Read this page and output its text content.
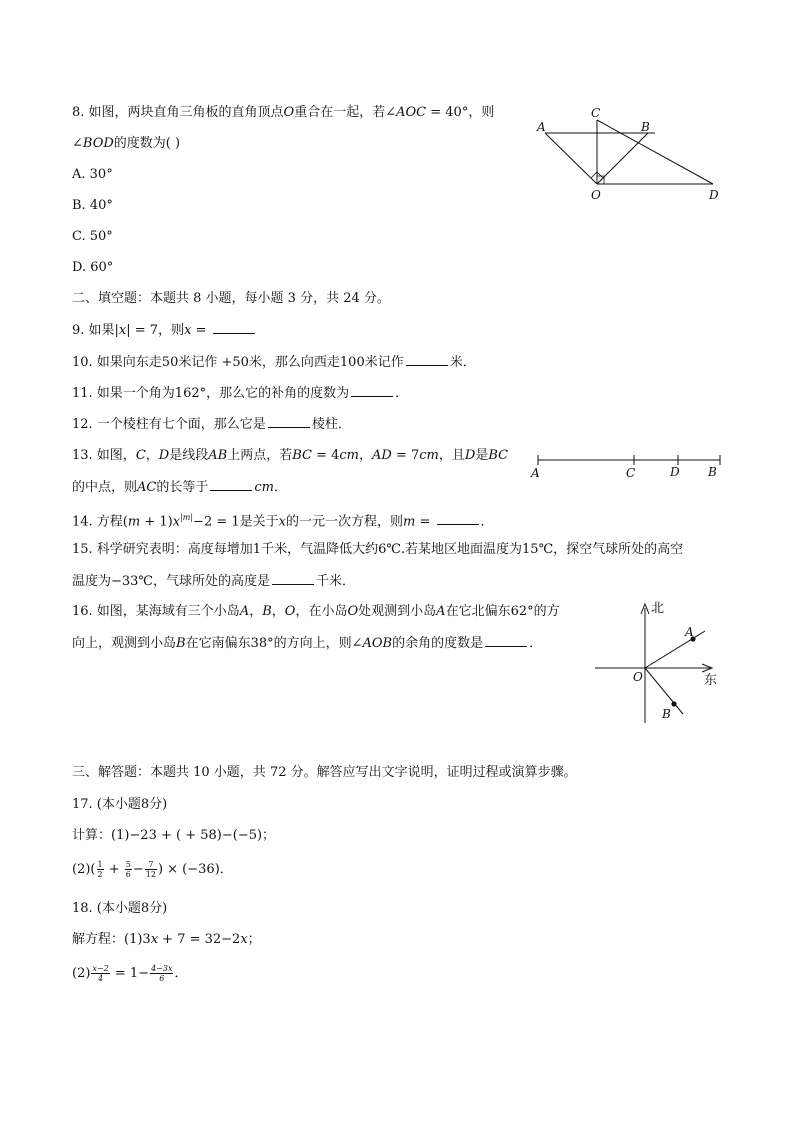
8. 如图，两块直角三角板的直角顶点O重合在一起，若∠AOC = 40°，则
∠BOD的度数为( )
A. 30°
B. 40°
C. 50°
D. 60°
A
C
B
O	D
二、填空题：本题共 8 小题，每小题 3 分，共 24 分。
9. 如果|x| = 7，则x =
10. 如果向东走50米记作 +50米，那么向西走100米记作	米．
11. 如果一个角为162°，那么它的补角的度数为	．
12. 一个棱柱有七个面，那么它是	棱柱．
13. 如图，C，D是线段AB上两点，若BC = 4cm，AD = 7cm，且D是BC
的中点，则AC的长等于	cm．
A	C	D B
14. 方程$(m + 1)x^{|m|}-2 = 1$是关于x的一元一次方程，则m =	．
15. 科学研究表明：高度每增加1千米，气温降低大约6℃.若某地区地面温度为15℃，探空气球所处的高空
温度为−33℃，气球所处的高度是	千米．
16. 如图，某海域有三个小岛A，B，O，在小岛O处观测到小岛A在它北偏东62°的方
向上，观测到小岛B在它南偏东38°的方向上，则∠AOB的余角的度数是	．
北
A
O	东
B
三、解答题：本题共 10 小题，共 72 分。解答应写出文字说明，证明过程或演算步骤。
17. (本小题8分)
计算：(1)−23 + ( + 58)−(−5)；
$(2)( \frac{1}{2} + \frac{5}{6} - \frac{7}{12}$ ) × (−36)．
18. (本小题8分)
解方程：(1)3x + 7 = 32−2x；
$(2) \frac{x-2}{4} = 1- \frac{4-3x}{6}$ ．
